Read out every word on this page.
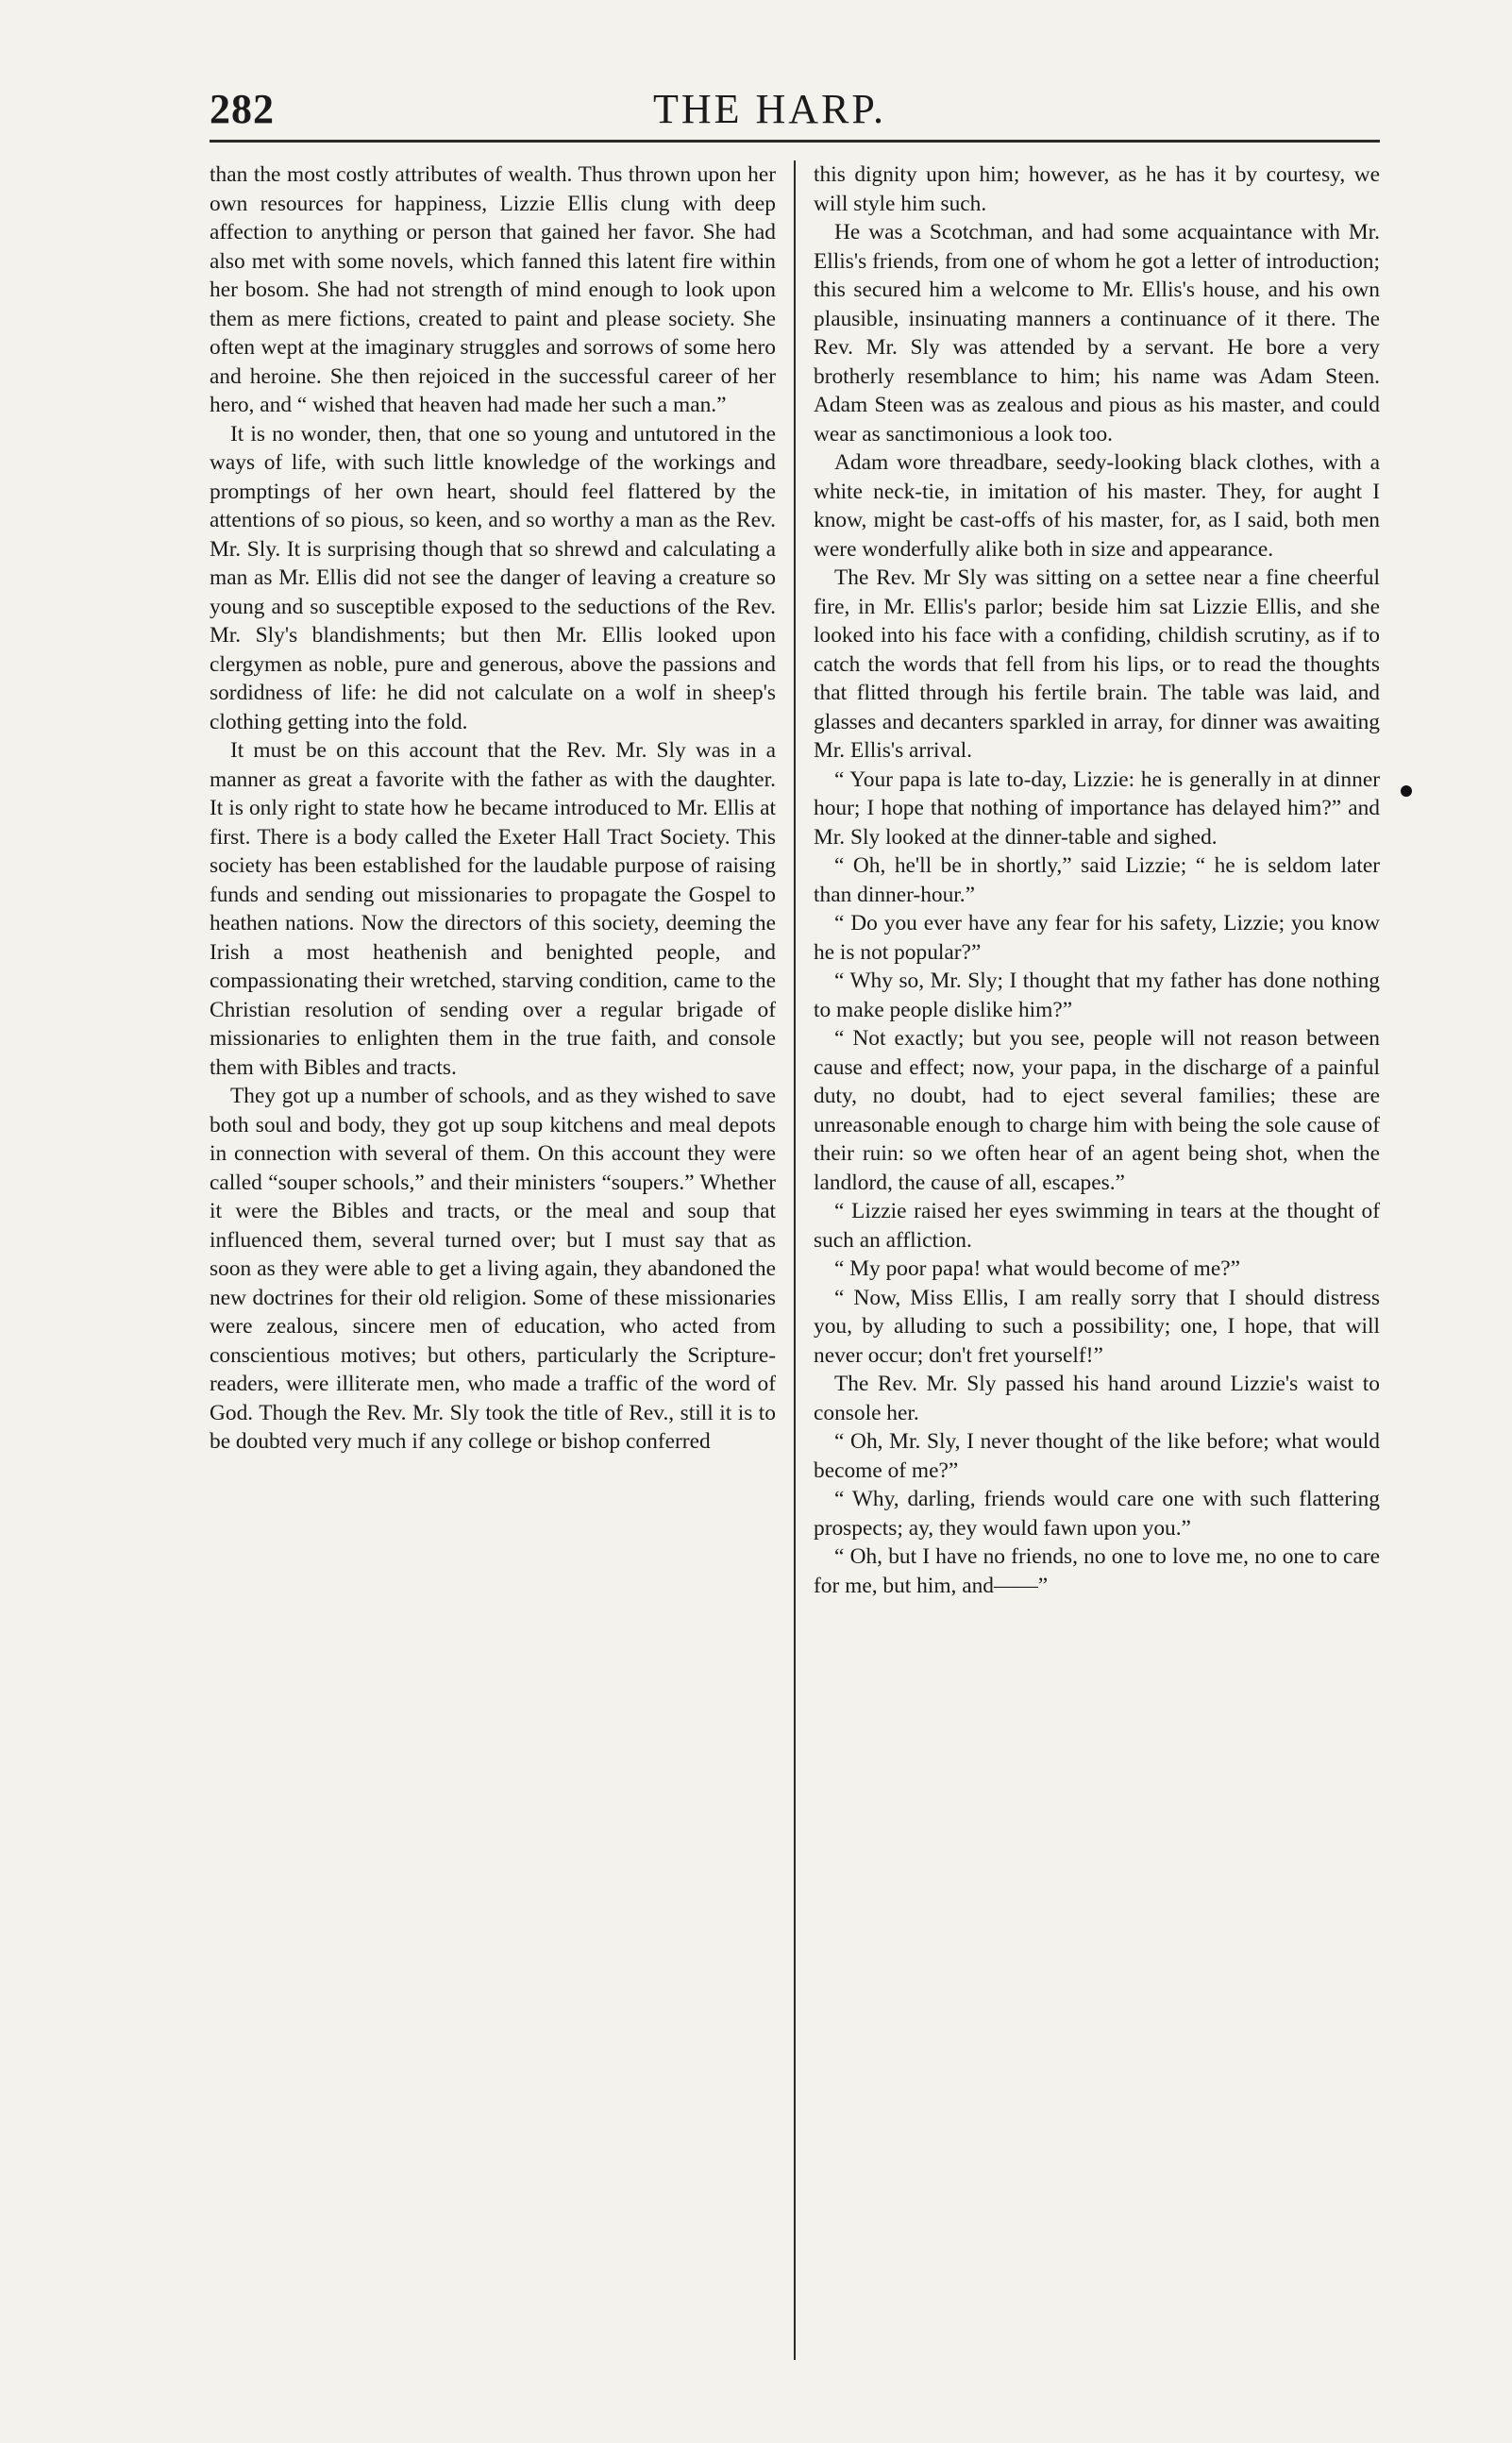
282	THE HARP.

than the most costly attributes of wealth. Thus thrown upon her own resources for happiness, Lizzie Ellis clung with deep affection to anything or person that gained her favor. She had also met with some novels, which fanned this latent fire within her bosom. She had not strength of mind enough to look upon them as mere fictions, created to paint and please society. She often wept at the imaginary struggles and sorrows of some hero and heroine. She then rejoiced in the successful career of her hero, and “ wished that heaven had made her such a man.”

It is no wonder, then, that one so young and untutored in the ways of life, with such little knowledge of the workings and promptings of her own heart, should feel flattered by the attentions of so pious, so keen, and so worthy a man as the Rev. Mr. Sly. It is surprising though that so shrewd and calculating a man as Mr. Ellis did not see the danger of leaving a creature so young and so susceptible exposed to the seductions of the Rev. Mr. Sly's blandishments; but then Mr. Ellis looked upon clergymen as noble, pure and generous, above the passions and sordidness of life: he did not calculate on a wolf in sheep's clothing getting into the fold.

It must be on this account that the Rev. Mr. Sly was in a manner as great a favorite with the father as with the daughter. It is only right to state how he became introduced to Mr. Ellis at first. There is a body called the Exeter Hall Tract Society. This society has been established for the laudable purpose of raising funds and sending out missionaries to propagate the Gospel to heathen nations. Now the directors of this society, deeming the Irish a most heathenish and benighted people, and compassionating their wretched, starving condition, came to the Christian resolution of sending over a regular brigade of missionaries to enlighten them in the true faith, and console them with Bibles and tracts.

They got up a number of schools, and as they wished to save both soul and body, they got up soup kitchens and meal depots in connection with several of them. On this account they were called “souper schools,” and their ministers “soupers.” Whether it were the Bibles and tracts, or the meal and soup that influenced them, several turned over; but I must say that as soon as they were able to get a living again, they abandoned the new doctrines for their old religion. Some of these missionaries were zealous, sincere men of education, who acted from conscientious motives; but others, particularly the Scripture-readers, were illiterate men, who made a traffic of the word of God. Though the Rev. Mr. Sly took the title of Rev., still it is to be doubted very much if any college or bishop conferred

this dignity upon him; however, as he has it by courtesy, we will style him such.

He was a Scotchman, and had some acquaintance with Mr. Ellis's friends, from one of whom he got a letter of introduction; this secured him a welcome to Mr. Ellis's house, and his own plausible, insinuating manners a continuance of it there. The Rev. Mr. Sly was attended by a servant. He bore a very brotherly resemblance to him; his name was Adam Steen. Adam Steen was as zealous and pious as his master, and could wear as sanctimonious a look too.

Adam wore threadbare, seedy-looking black clothes, with a white neck-tie, in imitation of his master. They, for aught I know, might be cast-offs of his master, for, as I said, both men were wonderfully alike both in size and appearance.

The Rev. Mr Sly was sitting on a settee near a fine cheerful fire, in Mr. Ellis's parlor; beside him sat Lizzie Ellis, and she looked into his face with a confiding, childish scrutiny, as if to catch the words that fell from his lips, or to read the thoughts that flitted through his fertile brain. The table was laid, and glasses and decanters sparkled in array, for dinner was awaiting Mr. Ellis's arrival.

“ Your papa is late to-day, Lizzie: he is generally in at dinner hour; I hope that nothing of importance has delayed him?” and Mr. Sly looked at the dinner-table and sighed.

“ Oh, he'll be in shortly,” said Lizzie; “ he is seldom later than dinner-hour.”

“ Do you ever have any fear for his safety, Lizzie; you know he is not popular?”

“ Why so, Mr. Sly; I thought that my father has done nothing to make people dislike him?”

“ Not exactly; but you see, people will not reason between cause and effect; now, your papa, in the discharge of a painful duty, no doubt, had to eject several families; these are unreasonable enough to charge him with being the sole cause of their ruin: so we often hear of an agent being shot, when the landlord, the cause of all, escapes.”

“ Lizzie raised her eyes swimming in tears at the thought of such an affliction.

“ My poor papa! what would become of me?”

“ Now, Miss Ellis, I am really sorry that I should distress you, by alluding to such a possibility; one, I hope, that will never occur; don't fret yourself!”

The Rev. Mr. Sly passed his hand around Lizzie's waist to console her.

“ Oh, Mr. Sly, I never thought of the like before; what would become of me?”

“ Why, darling, friends would care one with such flattering prospects; ay, they would fawn upon you.”

“ Oh, but I have no friends, no one to love me, no one to care for me, but him, and——”
